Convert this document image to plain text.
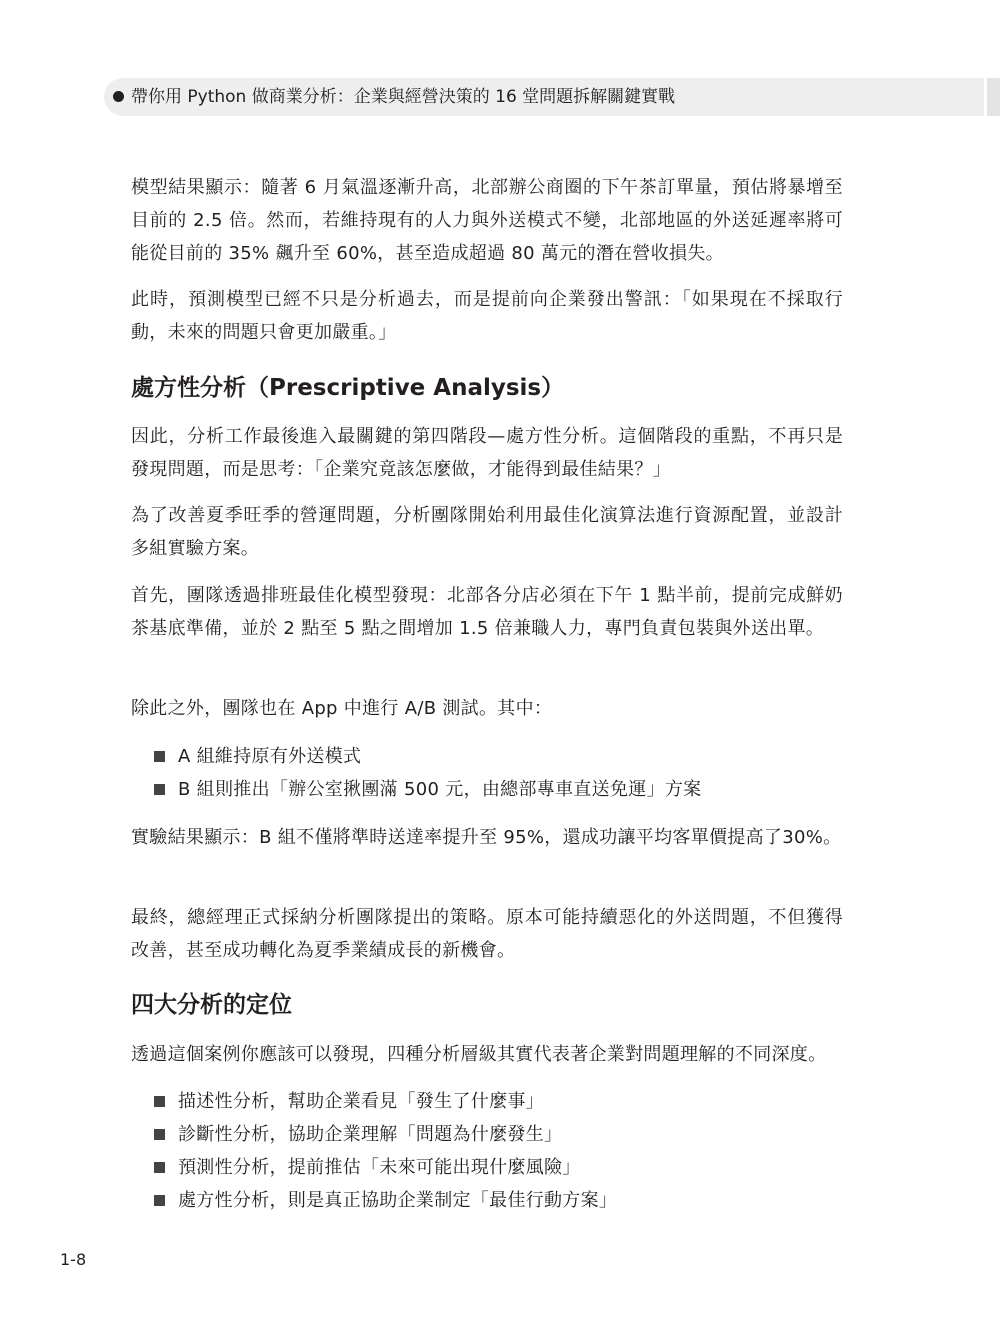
帶你用 Python 做商業分析：企業與經營決策的 16 堂問題拆解關鍵實戰
模型結果顯示：隨著 6 月氣溫逐漸升高，北部辦公商圈的下午茶訂單量，預估將暴增至目前的 2.5 倍。然而，若維持現有的人力與外送模式不變，北部地區的外送延遲率將可能從目前的 35% 飆升至 60%，甚至造成超過 80 萬元的潛在營收損失。
此時，預測模型已經不只是分析過去，而是提前向企業發出警訊：「如果現在不採取行動，未來的問題只會更加嚴重。」
處方性分析（Prescriptive Analysis）
因此，分析工作最後進入最關鍵的第四階段—處方性分析。這個階段的重點，不再只是發現問題，而是思考：「企業究竟該怎麼做，才能得到最佳結果？」
為了改善夏季旺季的營運問題，分析團隊開始利用最佳化演算法進行資源配置，並設計多組實驗方案。
首先，團隊透過排班最佳化模型發現：北部各分店必須在下午 1 點半前，提前完成鮮奶茶基底準備，並於 2 點至 5 點之間增加 1.5 倍兼職人力，專門負責包裝與外送出單。
除此之外，團隊也在 App 中進行 A/B 測試。其中：
A 組維持原有外送模式
B 組則推出「辦公室揪團滿 500 元，由總部專車直送免運」方案
實驗結果顯示：B 組不僅將準時送達率提升至 95%，還成功讓平均客單價提高了30%。
最終，總經理正式採納分析團隊提出的策略。原本可能持續惡化的外送問題，不但獲得改善，甚至成功轉化為夏季業績成長的新機會。
四大分析的定位
透過這個案例你應該可以發現，四種分析層級其實代表著企業對問題理解的不同深度。
描述性分析，幫助企業看見「發生了什麼事」
診斷性分析，協助企業理解「問題為什麼發生」
預測性分析，提前推估「未來可能出現什麼風險」
處方性分析，則是真正協助企業制定「最佳行動方案」
1-8
